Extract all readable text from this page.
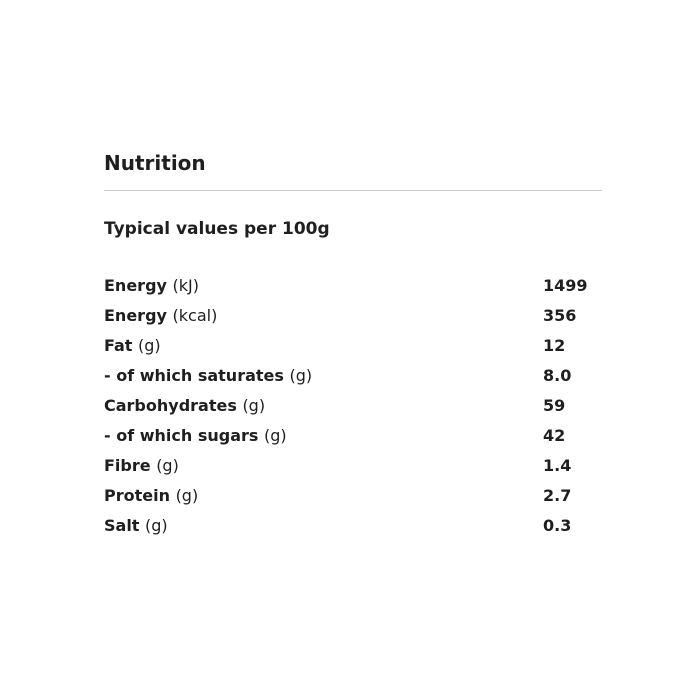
Nutrition
Typical values per 100g
Energy (kJ)	1499
Energy (kcal)	356
Fat (g)	12
- of which saturates (g)	8.0
Carbohydrates (g)	59
- of which sugars (g)	42
Fibre (g)	1.4
Protein (g)	2.7
Salt (g)	0.3
